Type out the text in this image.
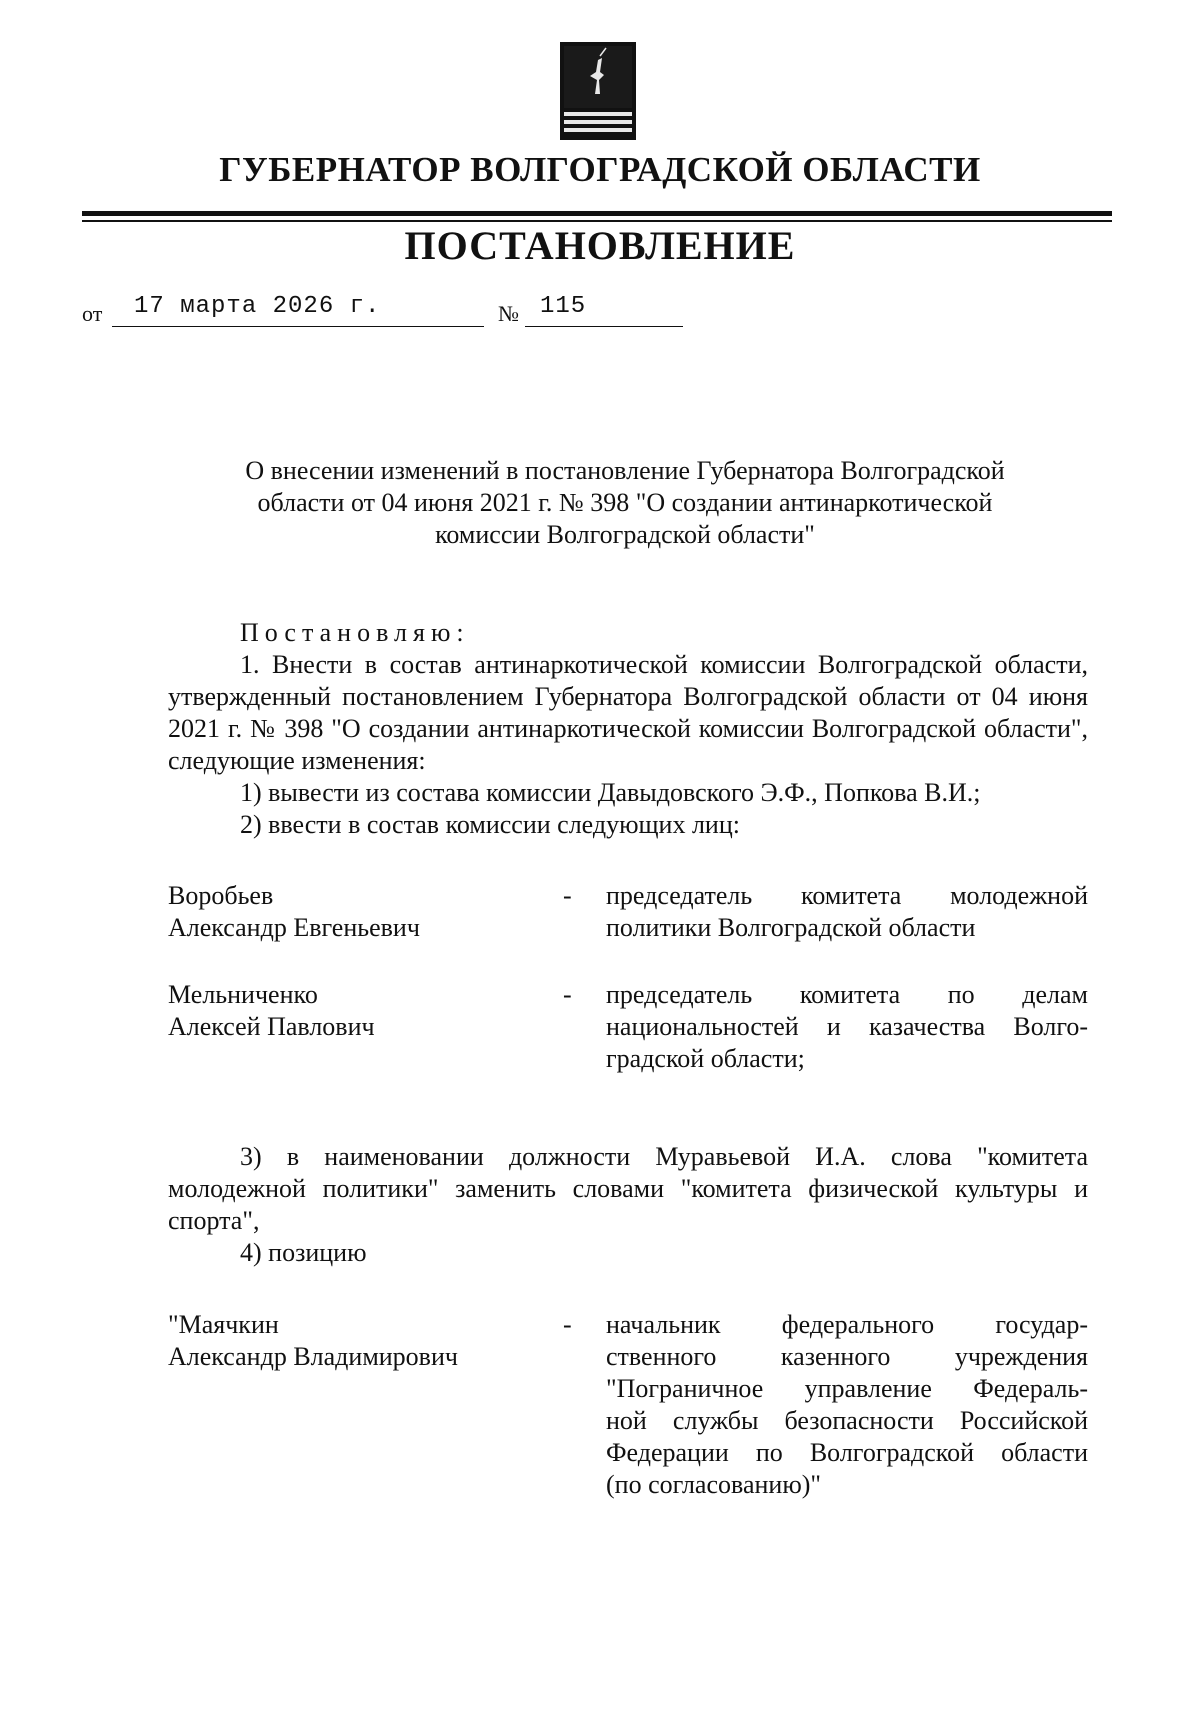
ГУБЕРНАТОР ВОЛГОГРАДСКОЙ ОБЛАСТИ
ПОСТАНОВЛЕНИЕ
от 17 марта 2026 г.	№ 115
О внесении изменений в постановление Губернатора Волгоградской
области от 04 июня 2021 г. № 398 "О создании антинаркотической
комиссии Волгоградской области"

Постановляю:

1. Внести в состав антинаркотической комиссии Волгоградской области, утвержденный постановлением Губернатора Волгоградской области от 04 июня 2021 г. № 398 "О создании антинаркотической комиссии Волгоградской области", следующие изменения:

1) вывести из состава комиссии Давыдовского Э.Ф., Попкова В.И.;

2) ввести в состав комиссии следующих лиц:

Воробьев
Александр Евгеньевич
- председатель комитета молодежной
политики Волгоградской области
Мельниченко
Алексей Павлович
- председатель комитета по делам
национальностей и казачества Волго-
градской области;

3) в наименовании должности Муравьевой И.А. слова "комитета молодежной политики" заменить словами "комитета физической культуры и спорта",

4) позицию

"Маячкин
Александр Владимирович
- начальник федерального государ-
ственного казенного учреждения
"Пограничное управление Федераль-
ной службы безопасности Российской
Федерации по Волгоградской области
(по согласованию)"
